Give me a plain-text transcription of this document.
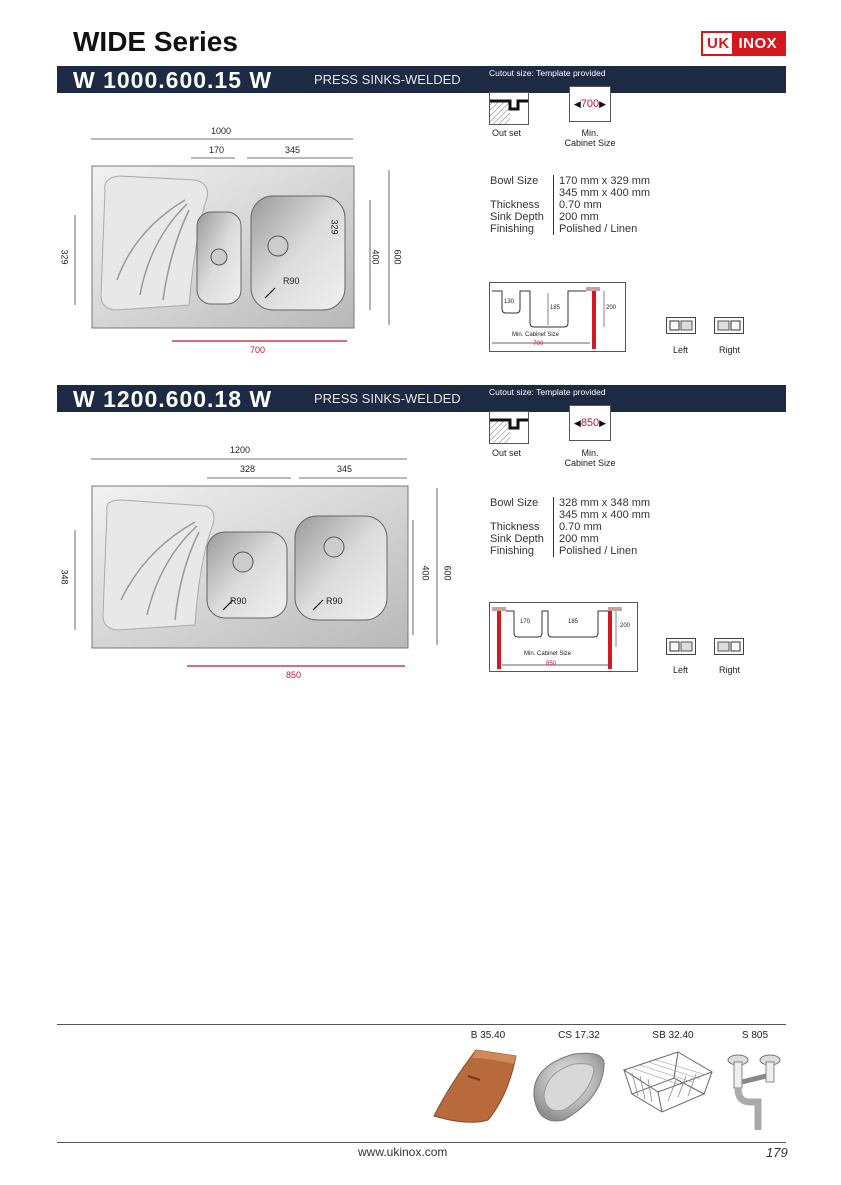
WIDE Series	UK INOX
W 1000.600.15 W	PRESS SINKS-WELDED	Cutout size: Template provided
Out set
◀ 700 ▶
Min.
Cabinet Size
1000
170	345
329	400 600
329
R90
700
Bowl Size	170 mm x 329 mm
345 mm x 400 mm
Thickness	0.70 mm
Sink Depth	200 mm
Finishing	Polished / Linen
130
185	200
Min. Cabinet Size
700
Left	Right
W 1200.600.18 W	PRESS SINKS-WELDED	Cutout size: Template provided
Out set
◀ 850 ▶
Min.
Cabinet Size
1200
328	345
348	400 600
R90	R90
850
Bowl Size	328 mm x 348 mm
345 mm x 400 mm
Thickness	0.70 mm
Sink Depth	200 mm
Finishing	Polished / Linen
170	185
200
Min. Cabinet Size
850
Left	Right
B 35.40	CS 17.32	SB 32.40	S 805
www.ukinox.com	179
